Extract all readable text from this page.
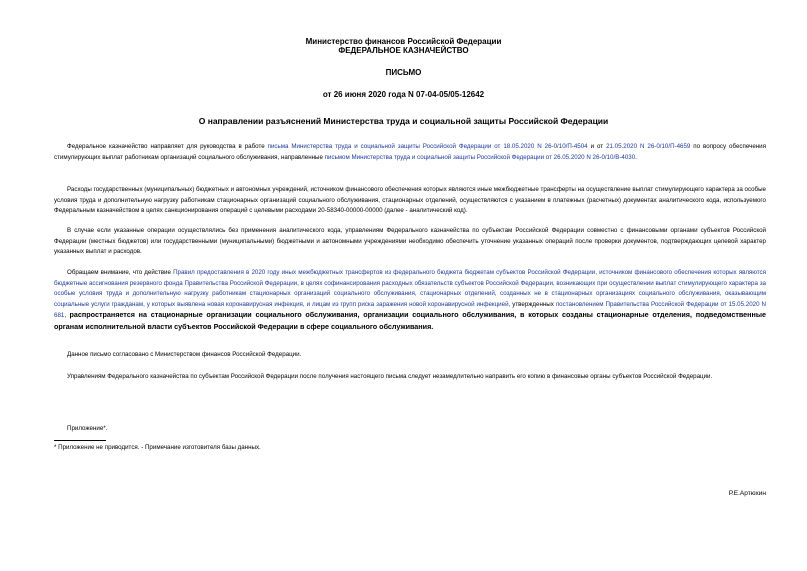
Министерство финансов Российской Федерации
ФЕДЕРАЛЬНОЕ КАЗНАЧЕЙСТВО
ПИСЬМО
от 26 июня 2020 года N 07-04-05/05-12642
О направлении разъяснений Министерства труда и социальной защиты Российской Федерации

Федеральное казначейство направляет для руководства в работе письма Министерства труда и социальной защиты Российской Федерации от 18.05.2020 N 26-0/10/П-4504 и от 21.05.2020 N 26-0/10/П-4659 по вопросу обеспечения стимулирующих выплат работникам организаций социального обслуживания, направленные письмом Министерства труда и социальной защиты Российской Федерации от 26.05.2020 N 26-0/10/В-4030.

Расходы государственных (муниципальных) бюджетных и автономных учреждений, источником финансового обеспечения которых являются иные межбюджетные трансферты на осуществление выплат стимулирующего характера за особые условия труда и дополнительную нагрузку работникам стационарных организаций социального обслуживания, стационарных отделений, осуществляются с указанием в платежных (расчетных) документах аналитического кода, используемого Федеральным казначейством в целях санкционирования операций с целевыми расходами 20-58340-00000-00000 (далее - аналитический код).

В случае если указанные операции осуществлялись без применения аналитического кода, управлениям Федерального казначейства по субъектам Российской Федерации совместно с финансовыми органами субъектов Российской Федерации (местных бюджетов) или государственными (муниципальными) бюджетными и автономными учреждениями необходимо обеспечить уточнение указанных операций после проверки документов, подтверждающих целевой характер указанных выплат и расходов.

Обращаем внимание, что действие Правил предоставления в 2020 году иных межбюджетных трансфертов из федерального бюджета бюджетам субъектов Российской Федерации, источником финансового обеспечения которых являются бюджетные ассигнования резервного фонда Правительства Российской Федерации, в целях софинансирования расходных обязательств субъектов Российской Федерации, возникающих при осуществлении выплат стимулирующего характера за особые условия труда и дополнительную нагрузку работникам стационарных организаций социального обслуживания, стационарных отделений, созданных не в стационарных организациях социального обслуживания, оказывающим социальные услуги гражданам, у которых выявлена новая коронавирусная инфекция, и лицам из групп риска заражения новой коронавирусной инфекцией, утвержденных постановлением Правительства Российской Федерации от 15.05.2020 N 681, распространяется на стационарные организации социального обслуживания, организации социального обслуживания, в которых созданы стационарные отделения, подведомственные органам исполнительной власти субъектов Российской Федерации в сфере социального обслуживания.

Данное письмо согласовано с Министерством финансов Российской Федерации.

Управлениям Федерального казначейства по субъектам Российской Федерации после получения настоящего письма следует незамедлительно направить его копию в финансовые органы субъектов Российской Федерации.

Приложение*.

* Приложение не приводится. - Примечание изготовителя базы данных.
Р.Е.Артюхин
